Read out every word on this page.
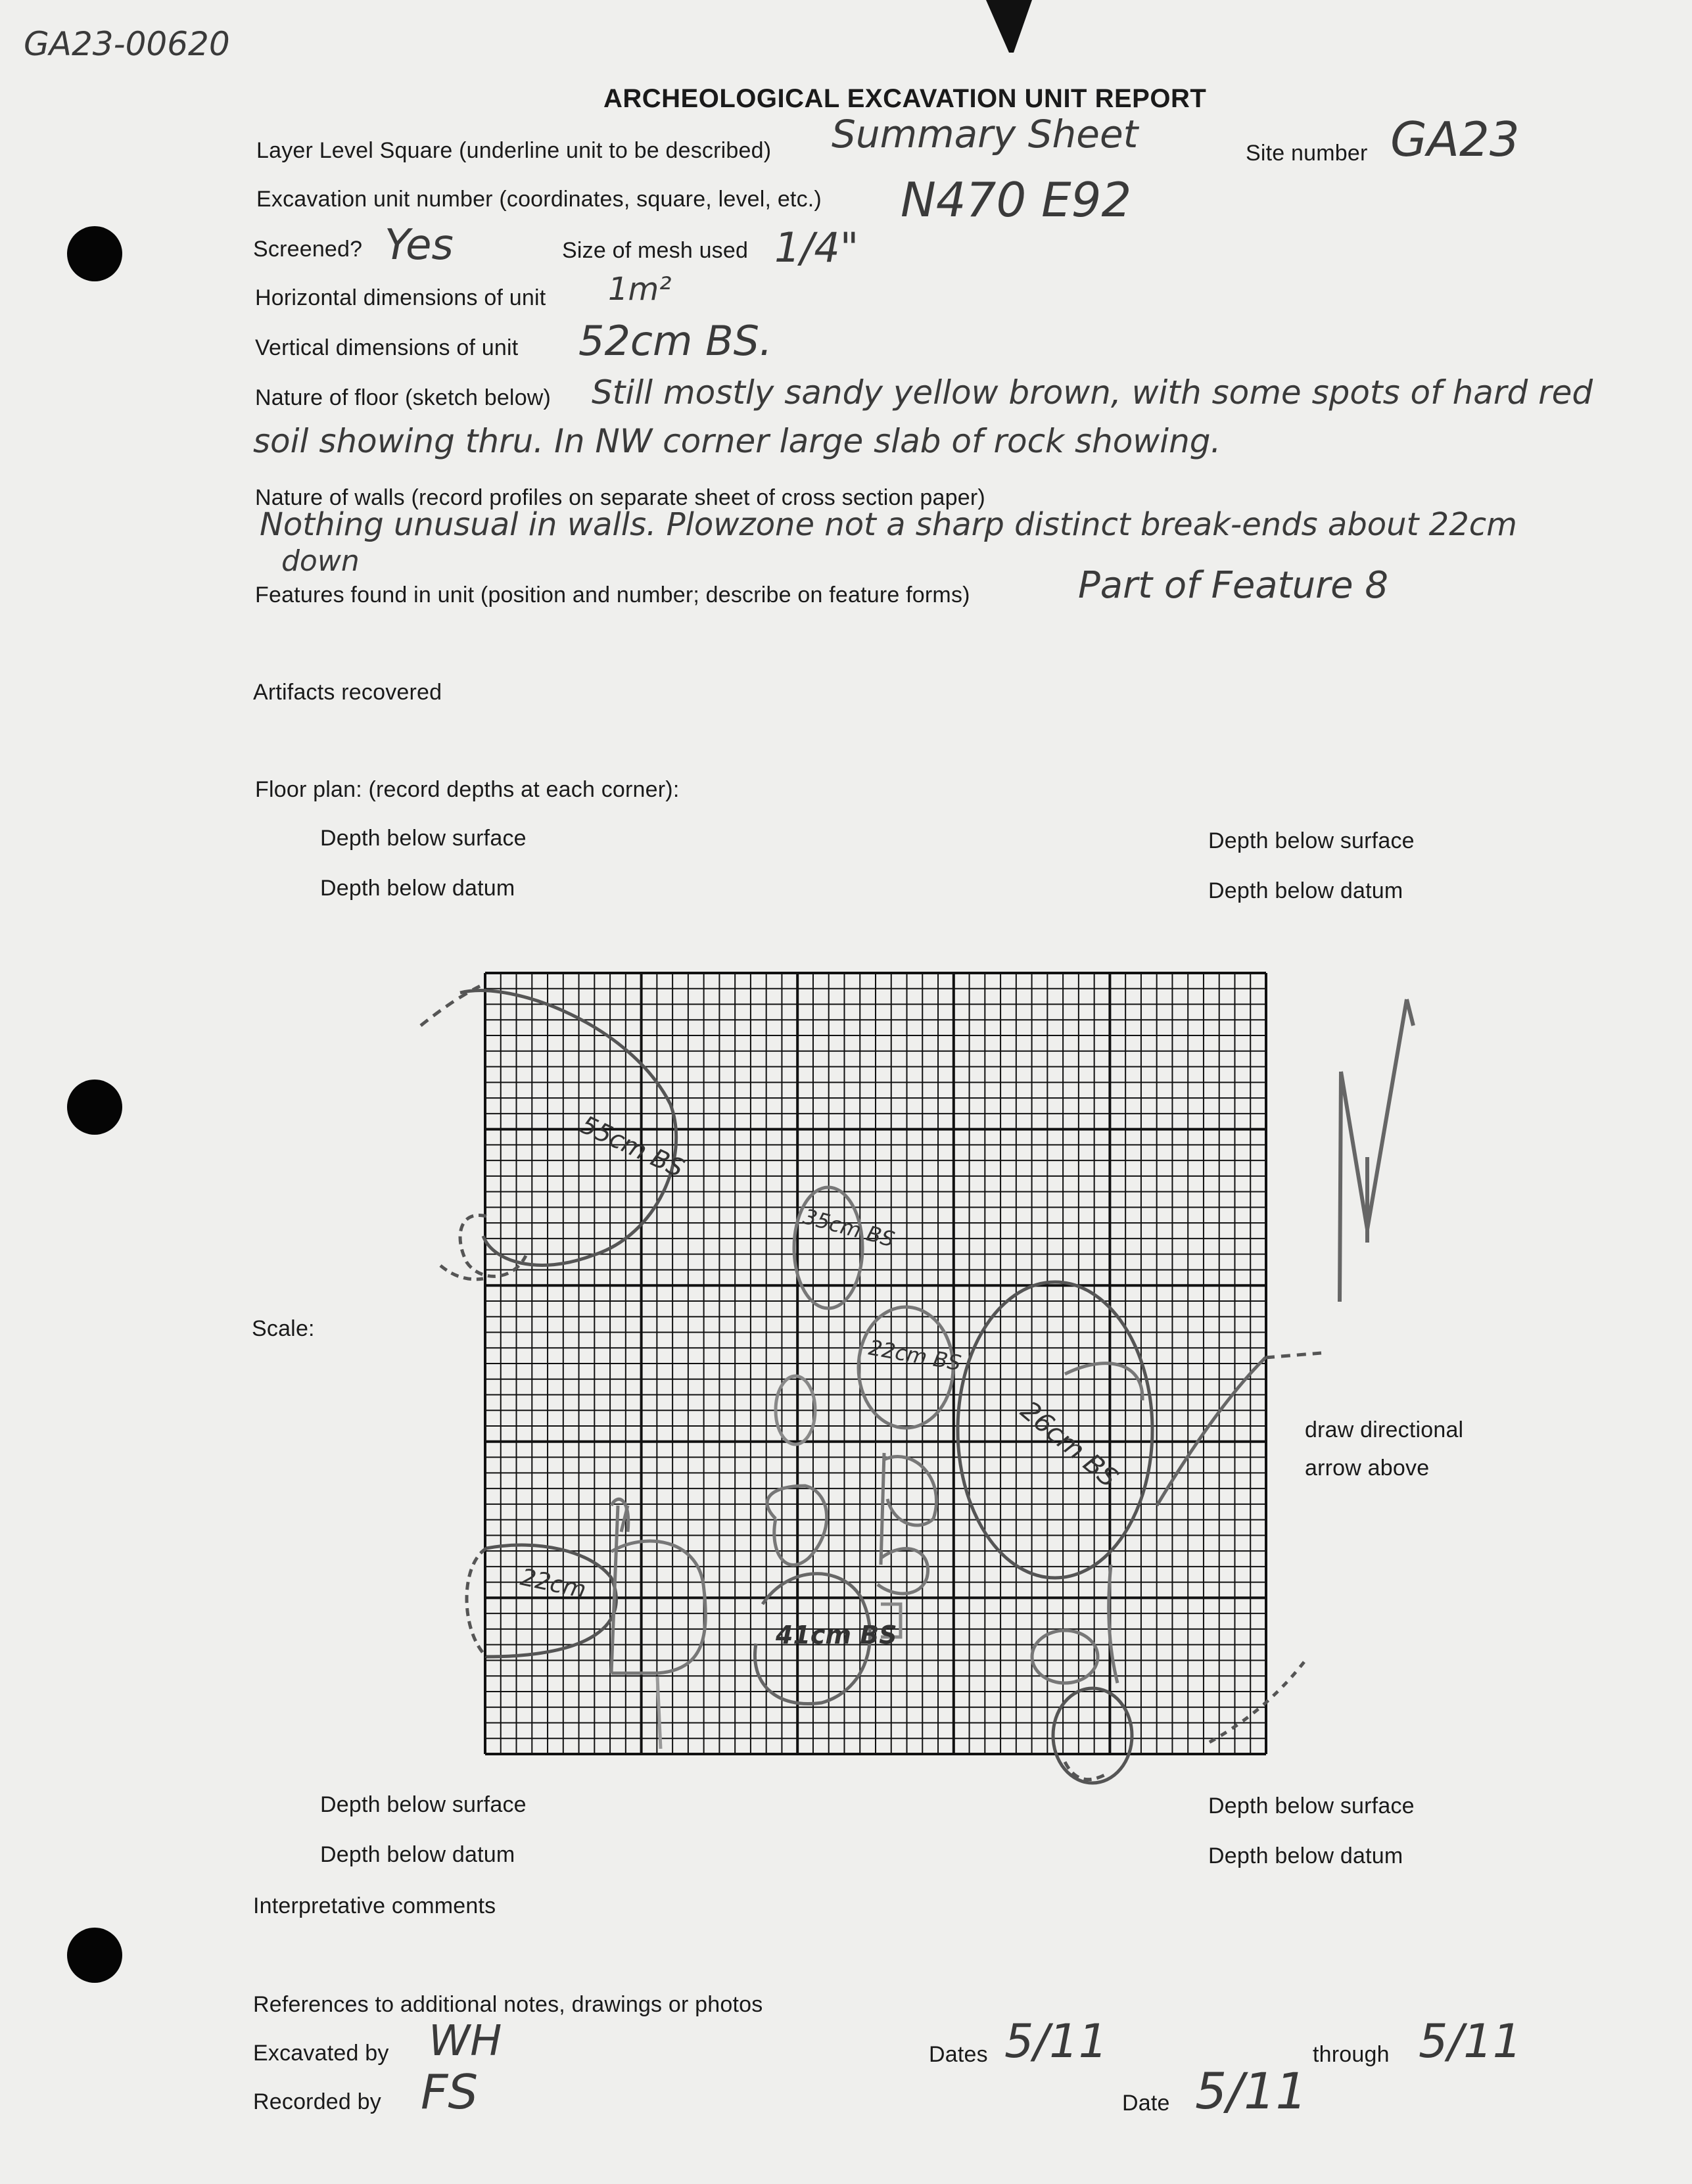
GA23-00620
ARCHEOLOGICAL EXCAVATION UNIT REPORT
Layer Level Square (underline unit to be described) Summary Sheet	Site number GA23
Excavation unit number (coordinates, square, level, etc.) N470 E92
Screened? Yes	Size of mesh used 1/4"
Horizontal dimensions of unit 1m²
Vertical dimensions of unit 52cm BS.
Nature of floor (sketch below) Still mostly sandy yellow brown, with some spots of hard red
soil showing thru. In NW corner large slab of rock showing.
Nature of walls (record profiles on separate sheet of cross section paper)
Nothing unusual in walls. Plowzone not a sharp distinct break-ends about 22cm
down
Features found in unit (position and number; describe on feature forms)	Part of Feature 8
Artifacts recovered
Floor plan: (record depths at each corner):
Depth below surface
Depth below datum
Depth below surface
Depth below datum
Scale:
draw directional
arrow above
55cm BS
35cm BS
22cm BS
26cm BS
22cm
41cm BS
Depth below surface
Depth below datum
Depth below surface
Depth below datum
Interpretative comments
References to additional notes, drawings or photos
Excavated by WH	Dates 5/11	through 5/11
Recorded by FS	Date 5/11
